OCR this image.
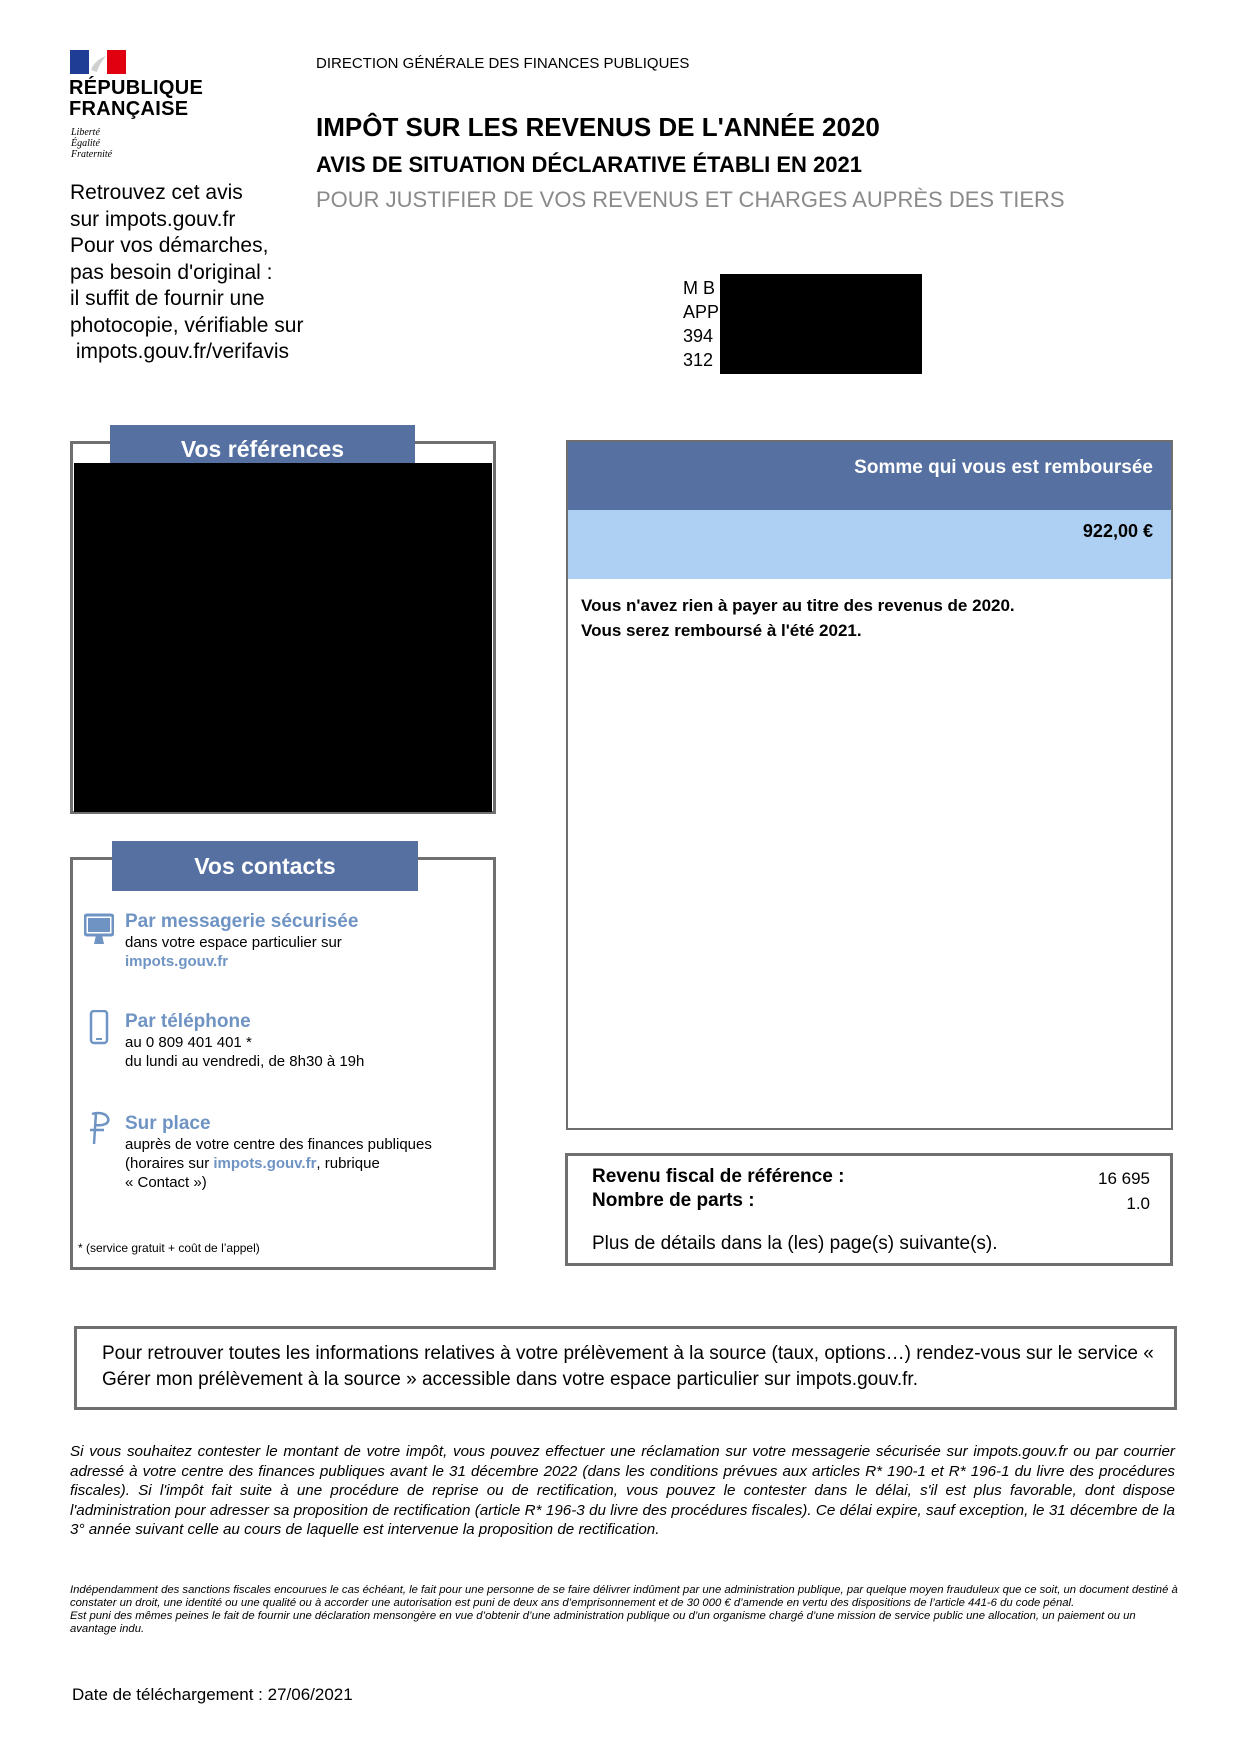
RÉPUBLIQUE
FRANÇAISE
Liberté
Égalité
Fraternité
Retrouvez cet avis
sur impots.gouv.fr
Pour vos démarches,
pas besoin d'original :
il suffit de fournir une
photocopie, vérifiable sur
impots.gouv.fr/verifavis
DIRECTION GÉNÉRALE DES FINANCES PUBLIQUES
IMPÔT SUR LES REVENUS DE L'ANNÉE 2020
AVIS DE SITUATION DÉCLARATIVE ÉTABLI EN 2021
POUR JUSTIFIER DE VOS REVENUS ET CHARGES AUPRÈS DES TIERS
M B
APP
394
312
Vos références
Vos contacts
Par messagerie sécurisée
dans votre espace particulier sur
impots.gouv.fr
Par téléphone
au 0 809 401 401 *
du lundi au vendredi, de 8h30 à 19h
Sur place
auprès de votre centre des finances publiques
(horaires sur impots.gouv.fr, rubrique
« Contact »)
* (service gratuit + coût de l’appel)
Somme qui vous est remboursée
922,00 €
Vous n'avez rien à payer au titre des revenus de 2020.
Vous serez remboursé à l'été 2021.
Revenu fiscal de référence :	16 695
Nombre de parts :	1.0
Plus de détails dans la (les) page(s) suivante(s).
Pour retrouver toutes les informations relatives à votre prélèvement à la source (taux, options…) rendez-vous sur le service « Gérer mon prélèvement à la source » accessible dans votre espace particulier sur impots.gouv.fr.
Si vous souhaitez contester le montant de votre impôt, vous pouvez effectuer une réclamation sur votre messagerie sécurisée sur impots.gouv.fr ou par courrier adressé à votre centre des finances publiques avant le 31 décembre 2022 (dans les conditions prévues aux articles R* 190-1 et R* 196-1 du livre des procédures fiscales). Si l'impôt fait suite à une procédure de reprise ou de rectification, vous pouvez le contester dans le délai, s'il est plus favorable, dont dispose l'administration pour adresser sa proposition de rectification (article R* 196-3 du livre des procédures fiscales). Ce délai expire, sauf exception, le 31 décembre de la 3° année suivant celle au cours de laquelle est intervenue la proposition de rectification.
Indépendamment des sanctions fiscales encourues le cas échéant, le fait pour une personne de se faire délivrer indûment par une administration publique, par quelque moyen frauduleux que ce soit, un document destiné à constater un droit, une identité ou une qualité ou à accorder une autorisation est puni de deux ans d’emprisonnement et de 30 000 € d’amende en vertu des dispositions de l’article 441-6 du code pénal.
Est puni des mêmes peines le fait de fournir une déclaration mensongère en vue d’obtenir d’une administration publique ou d’un organisme chargé d’une mission de service public une allocation, un paiement ou un avantage indu.
Date de téléchargement : 27/06/2021
